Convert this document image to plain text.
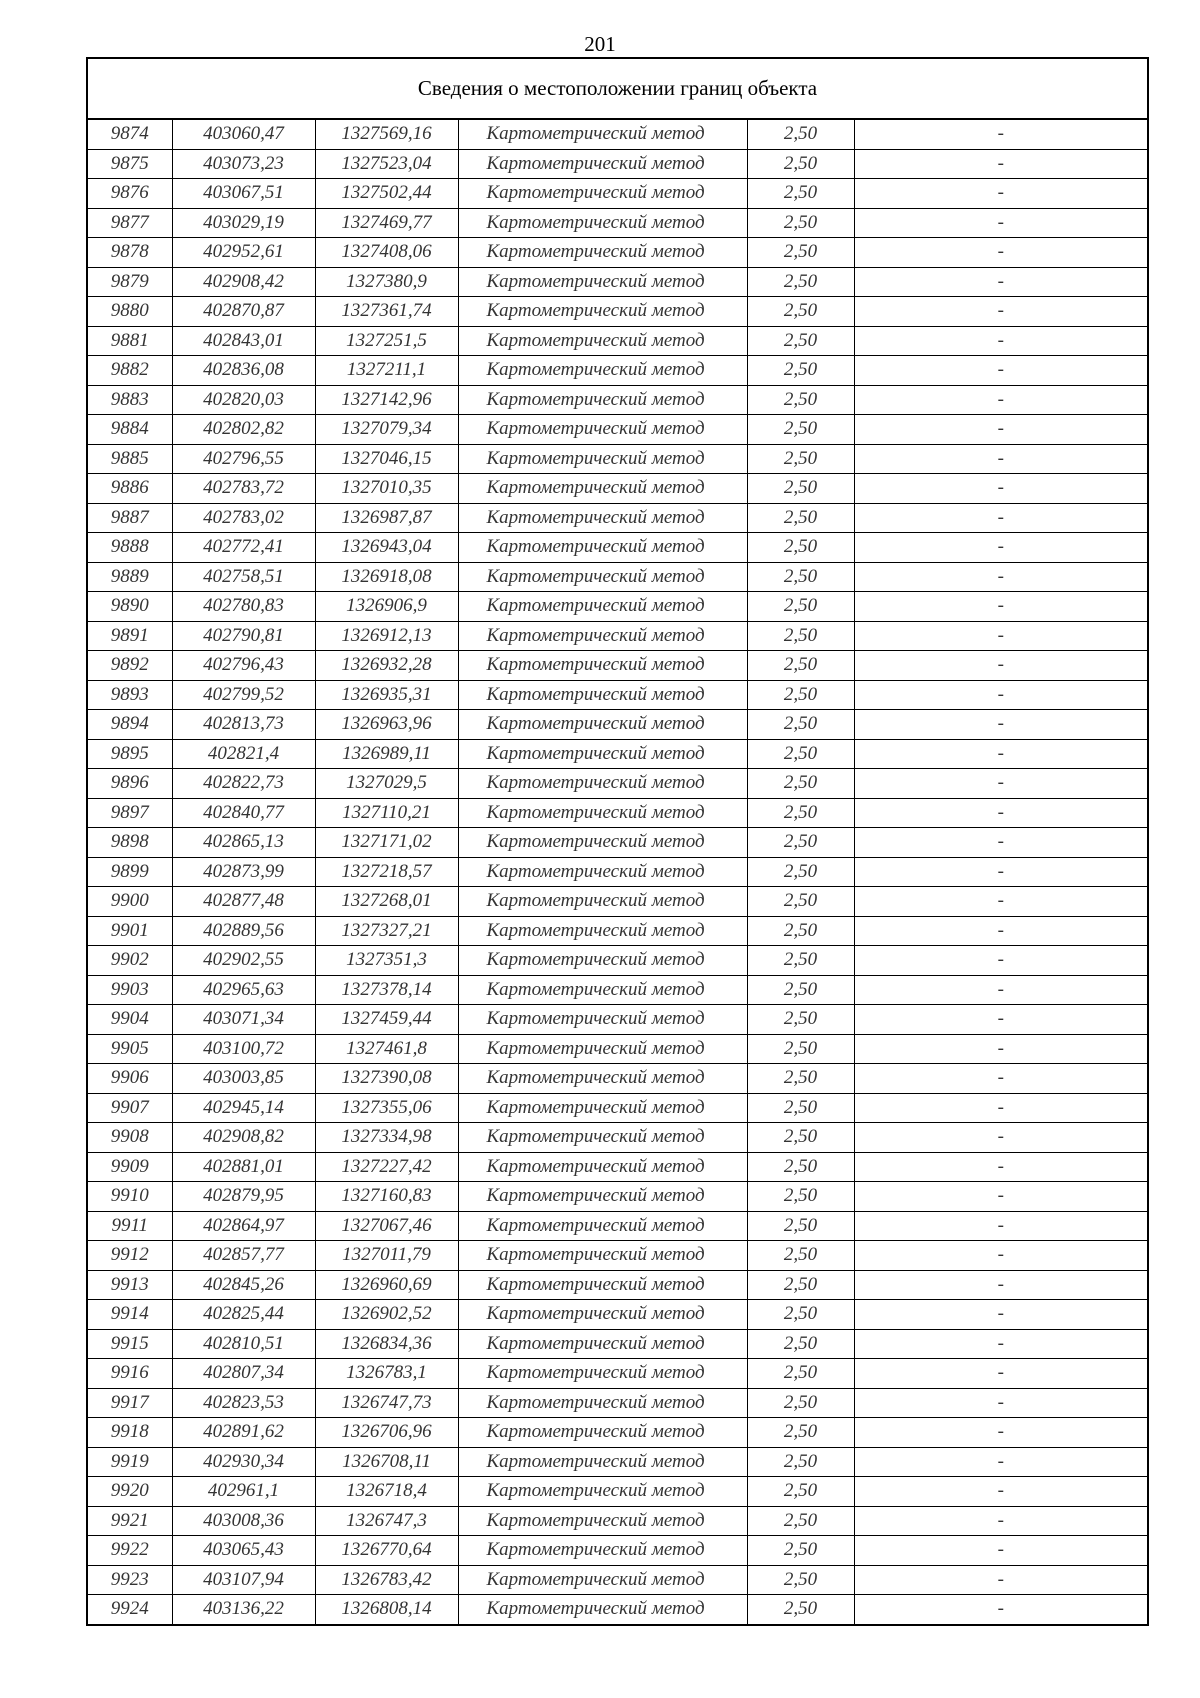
201
Сведения о местоположении границ объекта					
9874	403060,47	1327569,16	Картометрический метод	2,50	-
9875	403073,23	1327523,04	Картометрический метод	2,50	-
9876	403067,51	1327502,44	Картометрический метод	2,50	-
9877	403029,19	1327469,77	Картометрический метод	2,50	-
9878	402952,61	1327408,06	Картометрический метод	2,50	-
9879	402908,42	1327380,9	Картометрический метод	2,50	-
9880	402870,87	1327361,74	Картометрический метод	2,50	-
9881	402843,01	1327251,5	Картометрический метод	2,50	-
9882	402836,08	1327211,1	Картометрический метод	2,50	-
9883	402820,03	1327142,96	Картометрический метод	2,50	-
9884	402802,82	1327079,34	Картометрический метод	2,50	-
9885	402796,55	1327046,15	Картометрический метод	2,50	-
9886	402783,72	1327010,35	Картометрический метод	2,50	-
9887	402783,02	1326987,87	Картометрический метод	2,50	-
9888	402772,41	1326943,04	Картометрический метод	2,50	-
9889	402758,51	1326918,08	Картометрический метод	2,50	-
9890	402780,83	1326906,9	Картометрический метод	2,50	-
9891	402790,81	1326912,13	Картометрический метод	2,50	-
9892	402796,43	1326932,28	Картометрический метод	2,50	-
9893	402799,52	1326935,31	Картометрический метод	2,50	-
9894	402813,73	1326963,96	Картометрический метод	2,50	-
9895	402821,4	1326989,11	Картометрический метод	2,50	-
9896	402822,73	1327029,5	Картометрический метод	2,50	-
9897	402840,77	1327110,21	Картометрический метод	2,50	-
9898	402865,13	1327171,02	Картометрический метод	2,50	-
9899	402873,99	1327218,57	Картометрический метод	2,50	-
9900	402877,48	1327268,01	Картометрический метод	2,50	-
9901	402889,56	1327327,21	Картометрический метод	2,50	-
9902	402902,55	1327351,3	Картометрический метод	2,50	-
9903	402965,63	1327378,14	Картометрический метод	2,50	-
9904	403071,34	1327459,44	Картометрический метод	2,50	-
9905	403100,72	1327461,8	Картометрический метод	2,50	-
9906	403003,85	1327390,08	Картометрический метод	2,50	-
9907	402945,14	1327355,06	Картометрический метод	2,50	-
9908	402908,82	1327334,98	Картометрический метод	2,50	-
9909	402881,01	1327227,42	Картометрический метод	2,50	-
9910	402879,95	1327160,83	Картометрический метод	2,50	-
9911	402864,97	1327067,46	Картометрический метод	2,50	-
9912	402857,77	1327011,79	Картометрический метод	2,50	-
9913	402845,26	1326960,69	Картометрический метод	2,50	-
9914	402825,44	1326902,52	Картометрический метод	2,50	-
9915	402810,51	1326834,36	Картометрический метод	2,50	-
9916	402807,34	1326783,1	Картометрический метод	2,50	-
9917	402823,53	1326747,73	Картометрический метод	2,50	-
9918	402891,62	1326706,96	Картометрический метод	2,50	-
9919	402930,34	1326708,11	Картометрический метод	2,50	-
9920	402961,1	1326718,4	Картометрический метод	2,50	-
9921	403008,36	1326747,3	Картометрический метод	2,50	-
9922	403065,43	1326770,64	Картометрический метод	2,50	-
9923	403107,94	1326783,42	Картометрический метод	2,50	-
9924	403136,22	1326808,14	Картометрический метод	2,50	-
